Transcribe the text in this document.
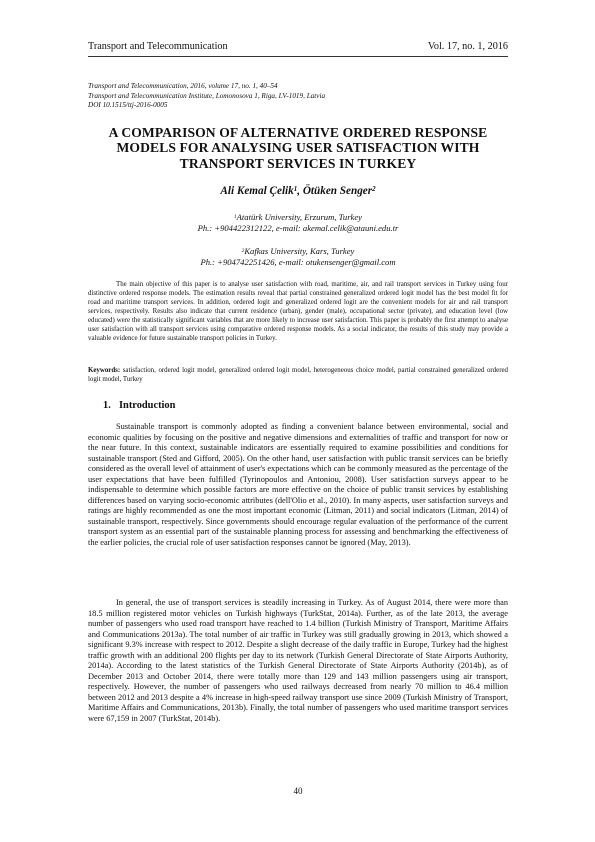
Transport and Telecommunication	Vol. 17, no. 1, 2016
Transport and Telecommunication, 2016, volume 17, no. 1, 40–54
Transport and Telecommunication Institute, Lomonosova 1, Riga, LV-1019, Latvia
DOI 10.1515/ttj-2016-0005
A COMPARISON OF ALTERNATIVE ORDERED RESPONSE
MODELS FOR ANALYSING USER SATISFACTION WITH
TRANSPORT SERVICES IN TURKEY
Ali Kemal Çelik$^1$, Ötüken Senger$^2$
$^1$Atatürk University, Erzurum, Turkey
Ph.: +904422312122, e-mail: akemal.celik@atauni.edu.tr
$^2$Kafkas University, Kars, Turkey
Ph.: +904742251426, e-mail: otukensenger@gmail.com
The main objective of this paper is to analyse user satisfaction with road, maritime, air, and rail transport services in Turkey using four distinctive ordered response models. The estimation results reveal that partial constrained generalized ordered logit model has the best model fit for road and maritime transport services. In addition, ordered logit and generalized ordered logit are the convenient models for air and rail transport services, respectively. Results also indicate that current residence (urban), gender (male), occupational sector (private), and education level (low educated) were the statistically significant variables that are more likely to increase user satisfaction. This paper is probably the first attempt to analyse user satisfaction with all transport services using comparative ordered response models. As a social indicator, the results of this study may provide a valuable evidence for future sustainable transport policies in Turkey.
Keywords: satisfaction, ordered logit model, generalized ordered logit model, heterogeneous choice model, partial constrained generalized ordered logit model, Turkey
1. Introduction
Sustainable transport is commonly adopted as finding a convenient balance between environmental, social and economic qualities by focusing on the positive and negative dimensions and externalities of traffic and transport for now or the near future. In this context, sustainable indicators are essentially required to examine possibilities and conditions for sustainable transport (Sted and Gifford, 2005). On the other hand, user satisfaction with public transit services can be briefly considered as the overall level of attainment of user's expectations which can be commonly measured as the percentage of the user expectations that have been fulfilled (Tyrinopoulos and Antoniou, 2008). User satisfaction surveys appear to be indispensable to determine which possible factors are more effective on the choice of public transit services by establishing differences based on varying socio-economic attributes (dell'Olio et al., 2010). In many aspects, user satisfaction surveys and ratings are highly recommended as one the most important economic (Litman, 2011) and social indicators (Litman, 2014) of sustainable transport, respectively. Since governments should encourage regular evaluation of the performance of the current transport system as an essential part of the sustainable planning process for assessing and benchmarking the effectiveness of the earlier policies, the crucial role of user satisfaction responses cannot be ignored (May, 2013).
In general, the use of transport services is steadily increasing in Turkey. As of August 2014, there were more than 18.5 million registered motor vehicles on Turkish highways (TurkStat, 2014a). Further, as of the late 2013, the average number of passengers who used road transport have reached to 1.4 billion (Turkish Ministry of Transport, Maritime Affairs and Communications 2013a). The total number of air traffic in Turkey was still gradually growing in 2013, which showed a significant 9.3% increase with respect to 2012. Despite a slight decrease of the daily traffic in Europe, Turkey had the highest traffic growth with an additional 200 flights per day to its network (Turkish General Directorate of State Airports Authority, 2014a). According to the latest statistics of the Turkish General Directorate of State Airports Authority (2014b), as of December 2013 and October 2014, there were totally more than 129 and 143 million passengers using air transport, respectively. However, the number of passengers who used railways decreased from nearly 70 million to 46.4 million between 2012 and 2013 despite a 4% increase in high-speed railway transport use since 2009 (Turkish Ministry of Transport, Maritime Affairs and Communications, 2013b). Finally, the total number of passengers who used maritime transport services were 67,159 in 2007 (TurkStat, 2014b).
40
